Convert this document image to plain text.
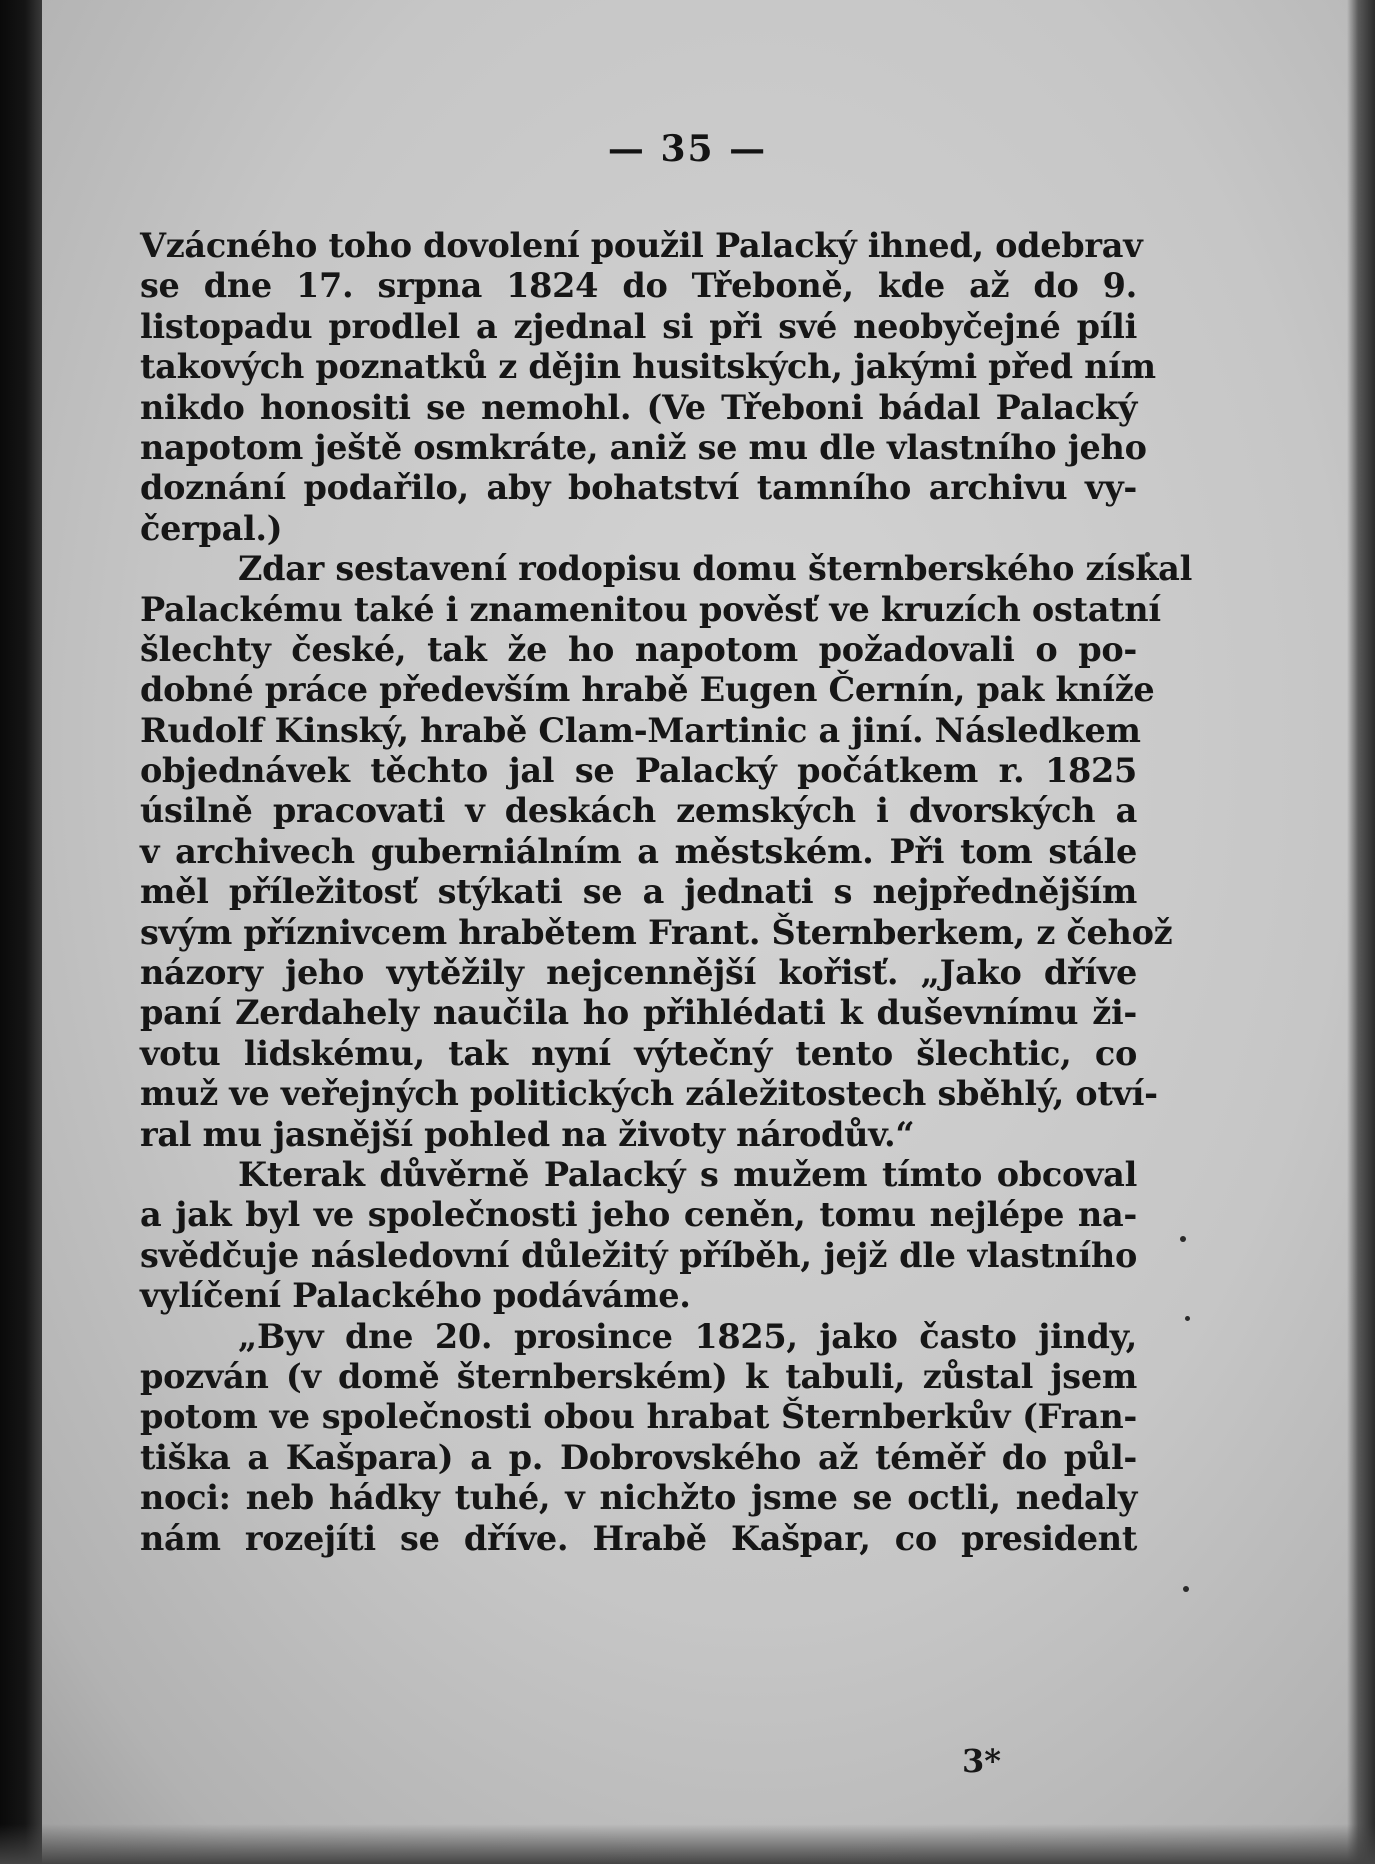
— 35 —
Vzácného toho dovolení použil Palacký ihned, odebrav
se dne 17. srpna 1824 do Třeboně, kde až do 9.
listopadu prodlel a zjednal si při své neobyčejné píli
takových poznatků z dějin husitských, jakými před ním
nikdo honositi se nemohl. (Ve Třeboni bádal Palacký
napotom ještě osmkráte, aniž se mu dle vlastního jeho
doznání podařilo, aby bohatství tamního archivu vy-
čerpal.)
Zdar sestavení rodopisu domu šternberského získal
Palackému také i znamenitou pověsť ve kruzích ostatní
šlechty české, tak že ho napotom požadovali o po-
dobné práce především hrabě Eugen Černín, pak kníže
Rudolf Kinský, hrabě Clam-Martinic a jiní. Následkem
objednávek těchto jal se Palacký počátkem r. 1825
úsilně pracovati v deskách zemských i dvorských a
v archivech guberniálním a městském. Při tom stále
měl příležitosť stýkati se a jednati s nejpřednějším
svým příznivcem hrabětem Frant. Šternberkem, z čehož
názory jeho vytěžily nejcennější kořisť. „Jako dříve
paní Zerdahely naučila ho přihlédati k duševnímu ži-
votu lidskému, tak nyní výtečný tento šlechtic, co
muž ve veřejných politických záležitostech sběhlý, otví-
ral mu jasnější pohled na životy národův.“
Kterak důvěrně Palacký s mužem tímto obcoval
a jak byl ve společnosti jeho ceněn, tomu nejlépe na-
svědčuje následovní důležitý příběh, jejž dle vlastního
vylíčení Palackého podáváme.
„Byv dne 20. prosince 1825, jako často jindy,
pozván (v domě šternberském) k tabuli, zůstal jsem
potom ve společnosti obou hrabat Šternberkův (Fran-
tiška a Kašpara) a p. Dobrovského až téměř do půl-
noci: neb hádky tuhé, v nichžto jsme se octli, nedaly
nám rozejíti se dříve. Hrabě Kašpar, co president
3*
